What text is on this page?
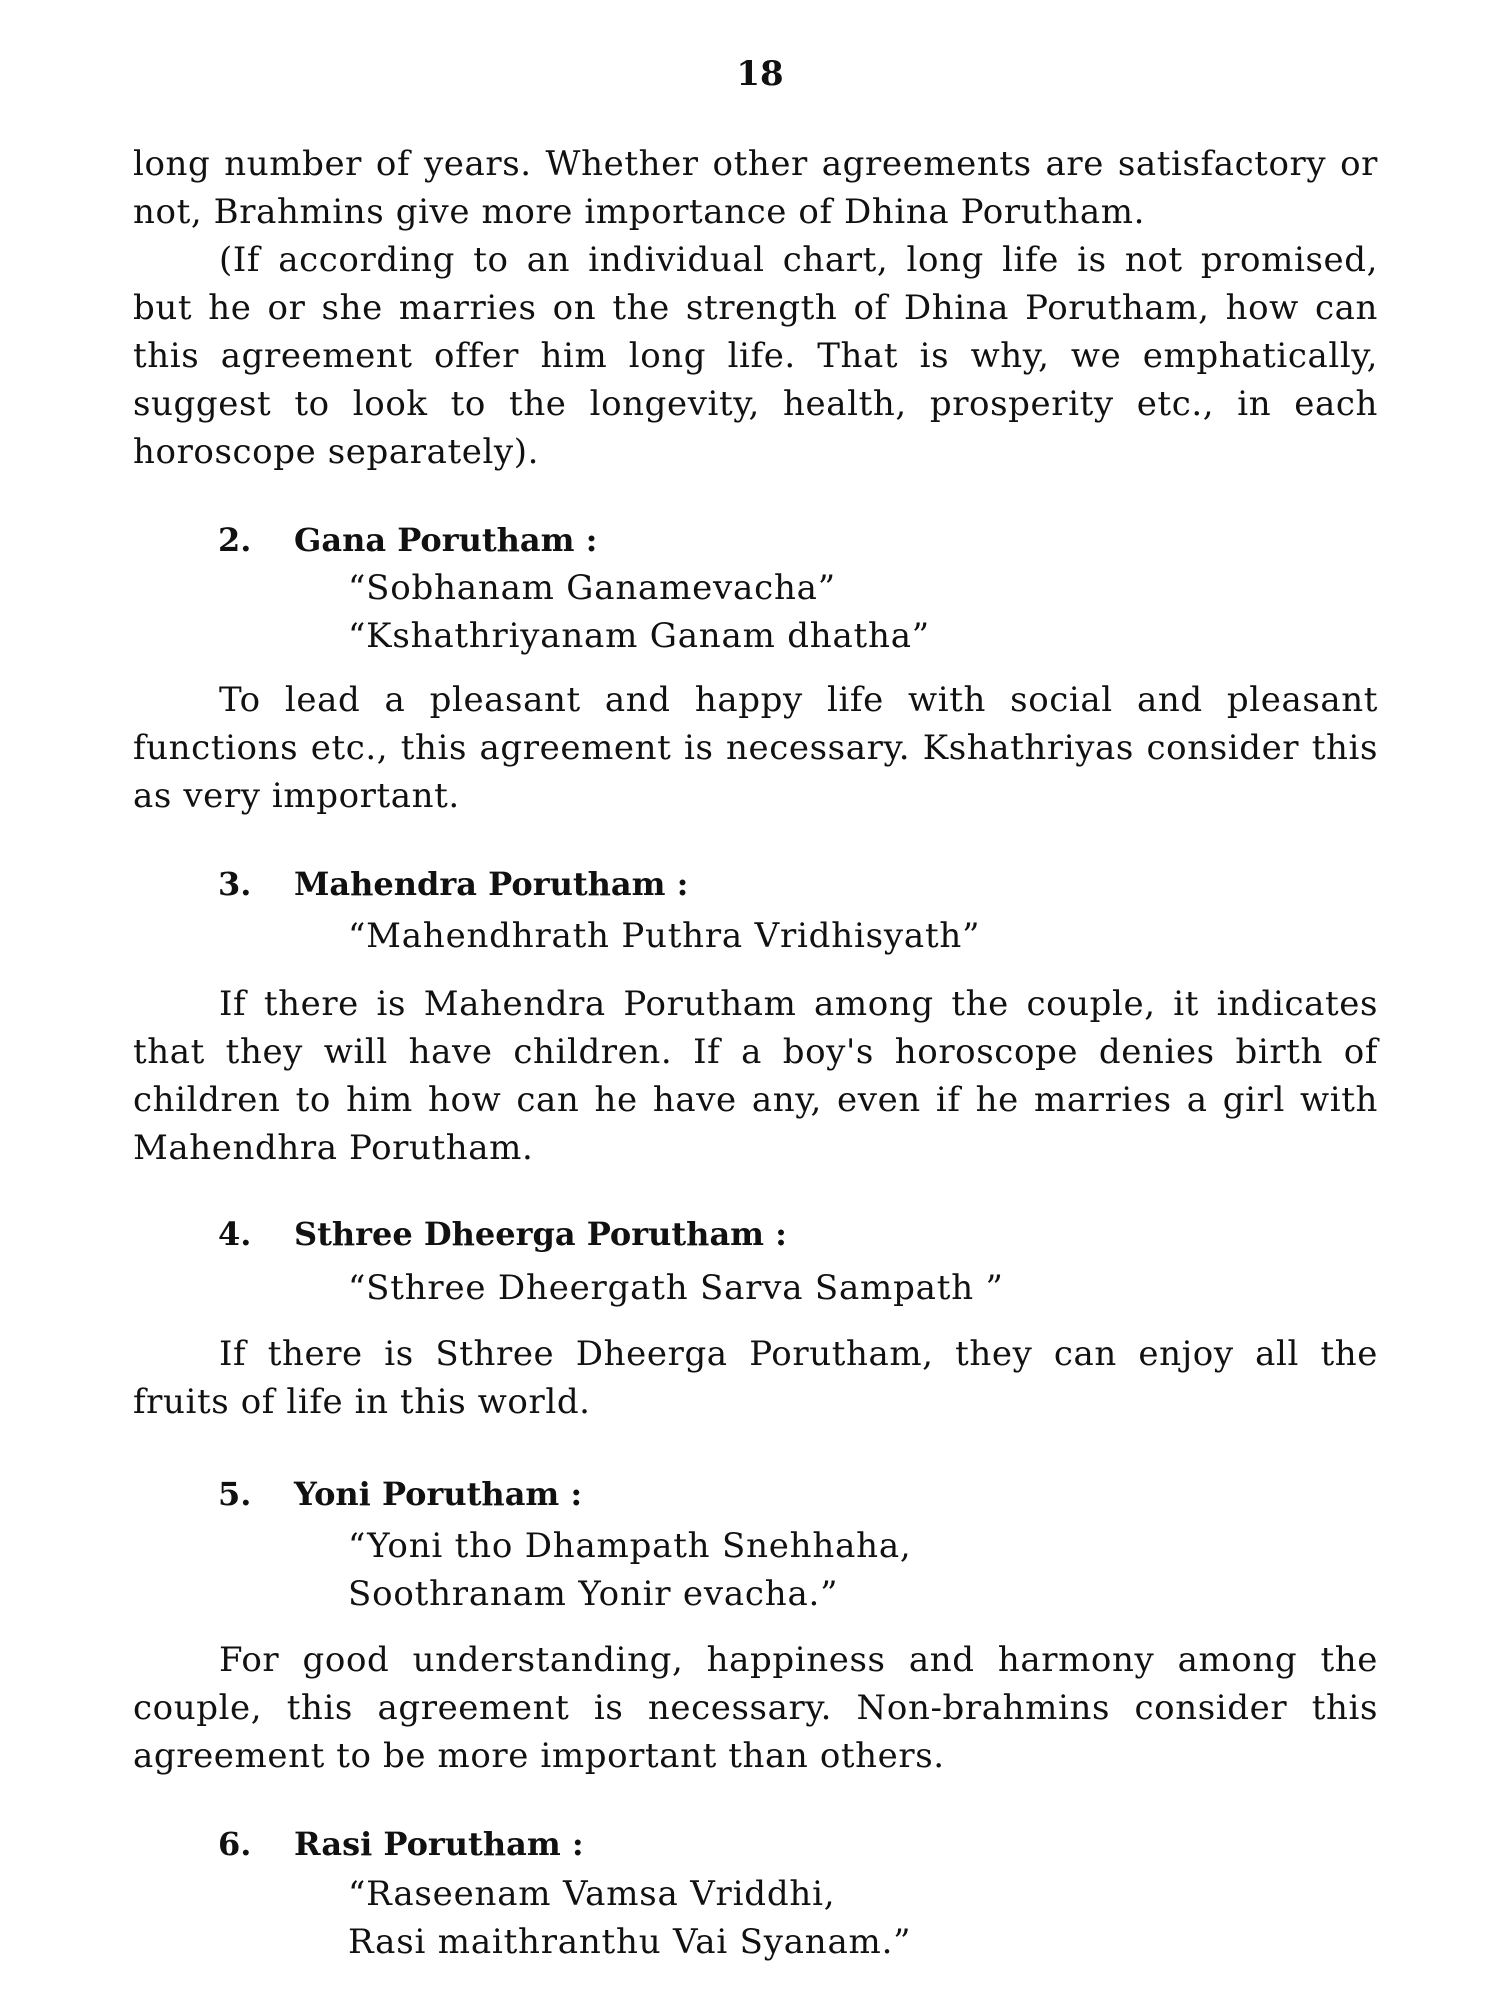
18
long number of years. Whether other agreements are satisfactory or not, Brahmins give more importance of Dhina Porutham.
(If according to an individual chart, long life is not promised, but he or she marries on the strength of Dhina Porutham, how can this agreement offer him long life. That is why, we emphatically, suggest to look to the longevity, health, prosperity etc., in each horoscope separately).
2. Gana Porutham :
“Sobhanam Ganamevacha”
“Kshathriyanam Ganam dhatha”
To lead a pleasant and happy life with social and pleasant functions etc., this agreement is necessary. Kshathriyas consider this as very important.
3. Mahendra Porutham :
“Mahendhrath Puthra Vridhisyath”
If there is Mahendra Porutham among the couple, it indicates that they will have children. If a boy's horoscope denies birth of children to him how can he have any, even if he marries a girl with Mahendhra Porutham.
4. Sthree Dheerga Porutham :
“Sthree Dheergath Sarva Sampath ”
If there is Sthree Dheerga Porutham, they can enjoy all the fruits of life in this world.
5. Yoni Porutham :
“Yoni tho Dhampath Snehhaha,
Soothranam Yonir evacha.”
For good understanding, happiness and harmony among the couple, this agreement is necessary. Non-brahmins consider this agreement to be more important than others.
6. Rasi Porutham :
“Raseenam Vamsa Vriddhi,
Rasi maithranthu Vai Syanam.”
